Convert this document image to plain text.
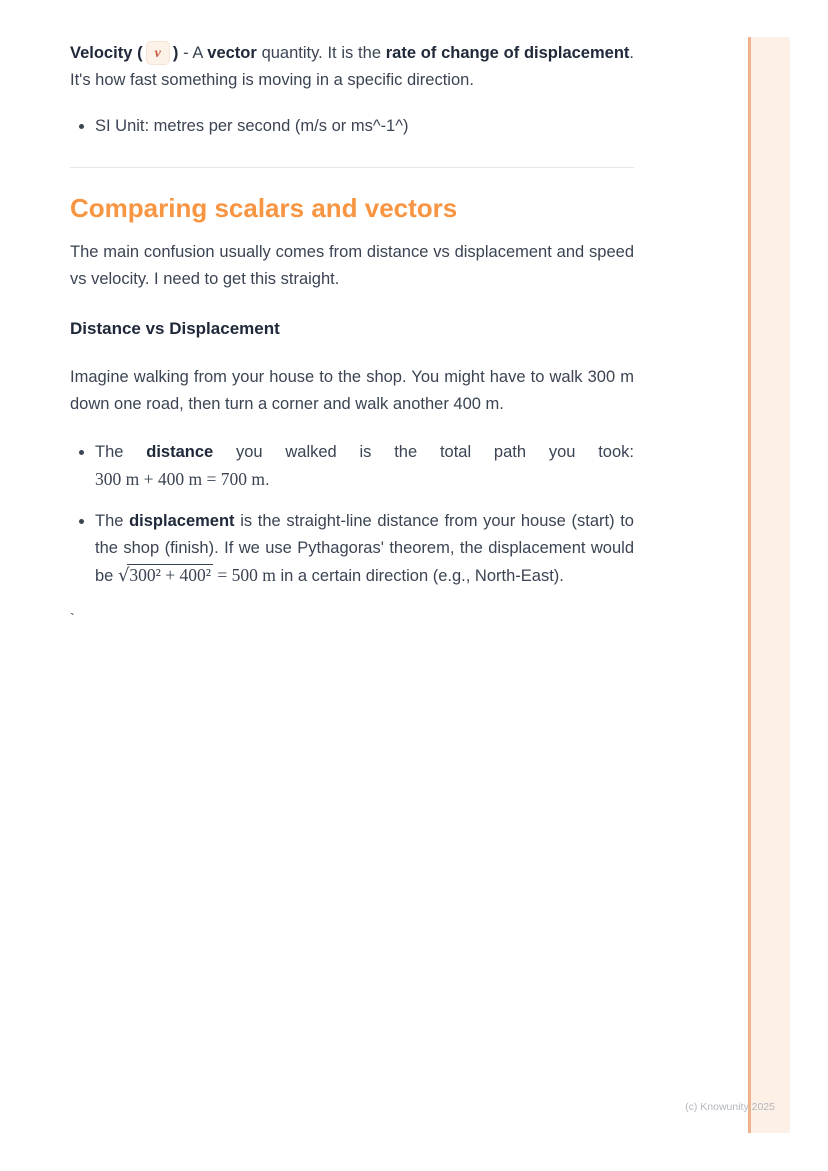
Velocity ( v ) - A vector quantity. It is the rate of change of displacement. It's how fast something is moving in a specific direction.

• SI Unit: metres per second (m/s or ms^-1^)
Comparing scalars and vectors

The main confusion usually comes from distance vs displacement and speed vs velocity. I need to get this straight.

Distance vs Displacement

Imagine walking from your house to the shop. You might have to walk 300 m down one road, then turn a corner and walk another 400 m.

• The distance you walked is the total path you took: 300 m + 400 m = 700 m.
• The displacement is the straight-line distance from your house (start) to the shop (finish). If we use Pythagoras' theorem, the displacement would be √300² + 400² = 500 m in a certain direction (e.g., North-East).

`

(c) Knowunity 2025
